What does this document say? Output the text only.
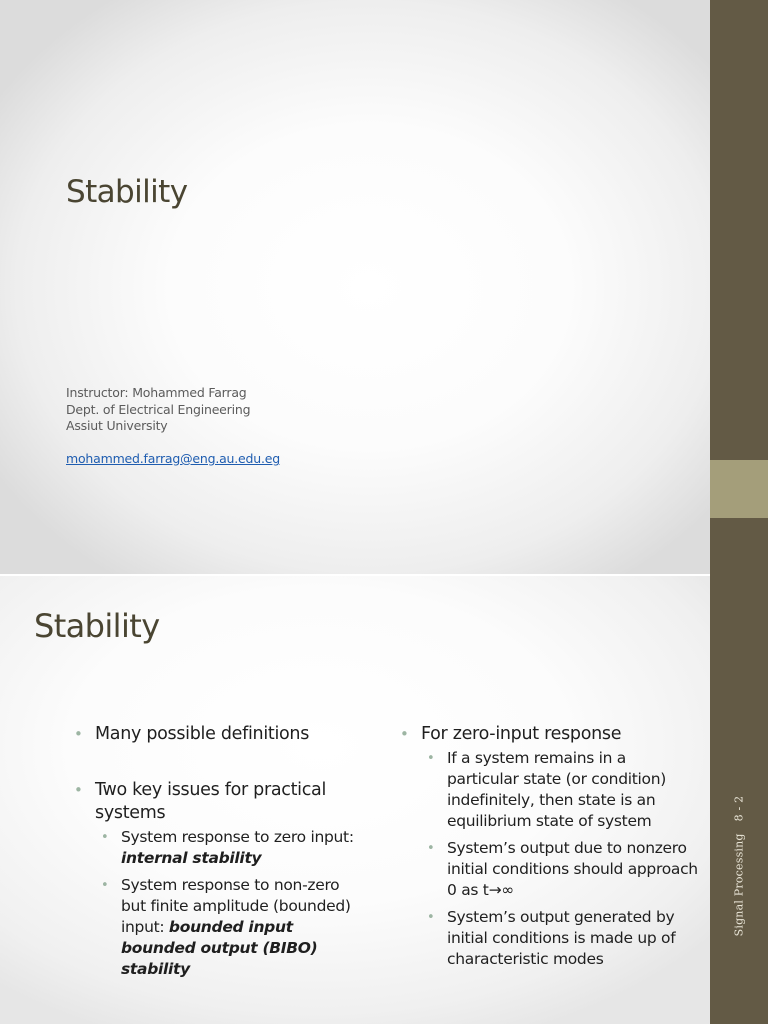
Stability
Instructor: Mohammed Farrag
Dept. of Electrical Engineering
Assiut University
mohammed.farrag@eng.au.edu.eg
Signal Processing8 - 2
Stability
• Many possible definitions
• Two key issues for practical systems
• System response to zero input: internal stability
• System response to non-zero but finite amplitude (bounded) input: bounded input bounded output (BIBO) stability
• For zero-input response
• If a system remains in a particular state (or condition) indefinitely, then state is an equilibrium state of system
• System’s output due to nonzero initial conditions should approach 0 as t→∞
• System’s output generated by initial conditions is made up of characteristic modes
